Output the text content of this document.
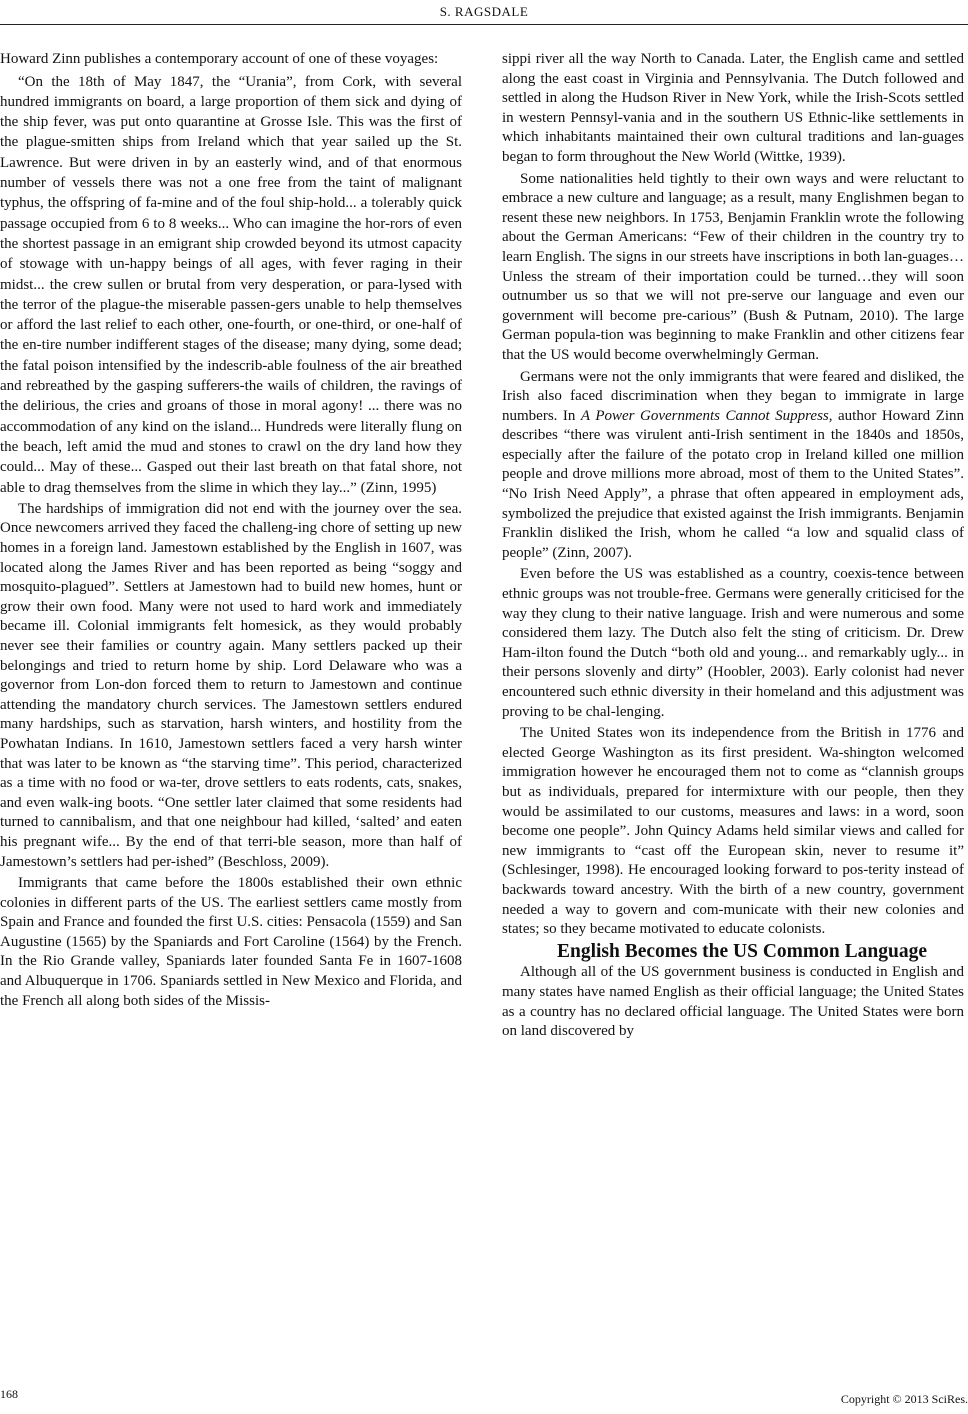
S. RAGSDALE

Howard Zinn publishes a contemporary account of one of these voyages:

“On the 18th of May 1847, the “Urania”, from Cork, with several hundred immigrants on board, a large proportion of them sick and dying of the ship fever, was put onto quarantine at Grosse Isle. This was the first of the plague-smitten ships from Ireland which that year sailed up the St. Lawrence. But were driven in by an easterly wind, and of that enormous number of vessels there was not a one free from the taint of malignant typhus, the offspring of fa-mine and of the foul ship-hold... a tolerably quick passage occupied from 6 to 8 weeks... Who can imagine the hor-rors of even the shortest passage in an emigrant ship crowded beyond its utmost capacity of stowage with un-happy beings of all ages, with fever raging in their midst... the crew sullen or brutal from very desperation, or para-lysed with the terror of the plague-the miserable passen-gers unable to help themselves or afford the last relief to each other, one-fourth, or one-third, or one-half of the en-tire number indifferent stages of the disease; many dying, some dead; the fatal poison intensified by the indescrib-able foulness of the air breathed and rebreathed by the gasping sufferers-the wails of children, the ravings of the delirious, the cries and groans of those in moral agony! ... there was no accommodation of any kind on the island... Hundreds were literally flung on the beach, left amid the mud and stones to crawl on the dry land how they could... May of these... Gasped out their last breath on that fatal shore, not able to drag themselves from the slime in which they lay...” (Zinn, 1995)

The hardships of immigration did not end with the journey over the sea. Once newcomers arrived they faced the challeng-ing chore of setting up new homes in a foreign land. Jamestown established by the English in 1607, was located along the James River and has been reported as being “soggy and mosquito-plagued”. Settlers at Jamestown had to build new homes, hunt or grow their own food. Many were not used to hard work and immediately became ill. Colonial immigrants felt homesick, as they would probably never see their families or country again. Many settlers packed up their belongings and tried to return home by ship. Lord Delaware who was a governor from Lon-don forced them to return to Jamestown and continue attending the mandatory church services. The Jamestown settlers endured many hardships, such as starvation, harsh winters, and hostility from the Powhatan Indians. In 1610, Jamestown settlers faced a very harsh winter that was later to be known as “the starving time”. This period, characterized as a time with no food or wa-ter, drove settlers to eats rodents, cats, snakes, and even walk-ing boots. “One settler later claimed that some residents had turned to cannibalism, and that one neighbour had killed, ‘salted’ and eaten his pregnant wife... By the end of that terri-ble season, more than half of Jamestown’s settlers had per-ished” (Beschloss, 2009).

Immigrants that came before the 1800s established their own ethnic colonies in different parts of the US. The earliest settlers came mostly from Spain and France and founded the first U.S. cities: Pensacola (1559) and San Augustine (1565) by the Spaniards and Fort Caroline (1564) by the French. In the Rio Grande valley, Spaniards later founded Santa Fe in 1607-1608 and Albuquerque in 1706. Spaniards settled in New Mexico and Florida, and the French all along both sides of the Missis-

sippi river all the way North to Canada. Later, the English came and settled along the east coast in Virginia and Pennsylvania. The Dutch followed and settled in along the Hudson River in New York, while the Irish-Scots settled in western Pennsyl-vania and in the southern US Ethnic-like settlements in which inhabitants maintained their own cultural traditions and lan-guages began to form throughout the New World (Wittke, 1939).

Some nationalities held tightly to their own ways and were reluctant to embrace a new culture and language; as a result, many Englishmen began to resent these new neighbors. In 1753, Benjamin Franklin wrote the following about the German Americans: “Few of their children in the country try to learn English. The signs in our streets have inscriptions in both lan-guages… Unless the stream of their importation could be turned…they will soon outnumber us so that we will not pre-serve our language and even our government will become pre-carious” (Bush & Putnam, 2010). The large German popula-tion was beginning to make Franklin and other citizens fear that the US would become overwhelmingly German.

Germans were not the only immigrants that were feared and disliked, the Irish also faced discrimination when they began to immigrate in large numbers. In A Power Governments Cannot Suppress, author Howard Zinn describes “there was virulent anti-Irish sentiment in the 1840s and 1850s, especially after the failure of the potato crop in Ireland killed one million people and drove millions more abroad, most of them to the United States”. “No Irish Need Apply”, a phrase that often appeared in employment ads, symbolized the prejudice that existed against the Irish immigrants. Benjamin Franklin disliked the Irish, whom he called “a low and squalid class of people” (Zinn, 2007).

Even before the US was established as a country, coexis-tence between ethnic groups was not trouble-free. Germans were generally criticised for the way they clung to their native language. Irish and were numerous and some considered them lazy. The Dutch also felt the sting of criticism. Dr. Drew Ham-ilton found the Dutch “both old and young... and remarkably ugly... in their persons slovenly and dirty” (Hoobler, 2003). Early colonist had never encountered such ethnic diversity in their homeland and this adjustment was proving to be chal-lenging.

The United States won its independence from the British in 1776 and elected George Washington as its first president. Wa-shington welcomed immigration however he encouraged them not to come as “clannish groups but as individuals, prepared for intermixture with our people, then they would be assimilated to our customs, measures and laws: in a word, soon become one people”. John Quincy Adams held similar views and called for new immigrants to “cast off the European skin, never to resume it” (Schlesinger, 1998). He encouraged looking forward to pos-terity instead of backwards toward ancestry. With the birth of a new country, government needed a way to govern and com-municate with their new colonies and states; so they became motivated to educate colonists.

English Becomes the US Common Language

Although all of the US government business is conducted in English and many states have named English as their official language; the United States as a country has no declared official language. The United States were born on land discovered by

168	Copyright © 2013 SciRes.
